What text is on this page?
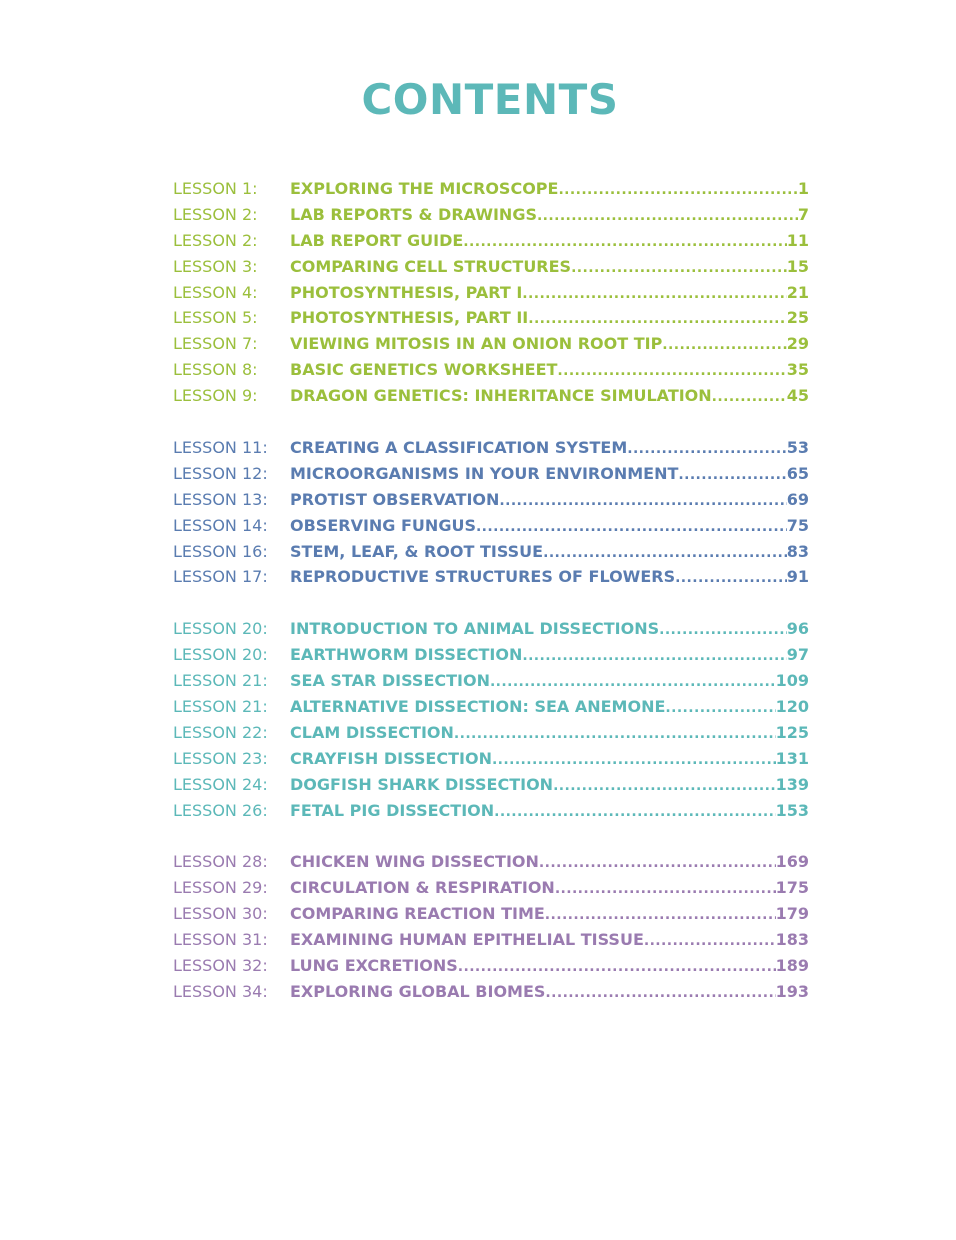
CONTENTS
LESSON 1:	EXPLORING THE MICROSCOPE .....	1
LESSON 2:	LAB REPORTS & DRAWINGS .....	7
LESSON 2:	LAB REPORT GUIDE .....	11
LESSON 3:	COMPARING CELL STRUCTURES .....	15
LESSON 4:	PHOTOSYNTHESIS, PART I .....	21
LESSON 5:	PHOTOSYNTHESIS, PART II .....	25
LESSON 7:	VIEWING MITOSIS IN AN ONION ROOT TIP .....	29
LESSON 8:	BASIC GENETICS WORKSHEET .....	35
LESSON 9:	DRAGON GENETICS: INHERITANCE SIMULATION .....	45
LESSON 11:	CREATING A CLASSIFICATION SYSTEM .....	53
LESSON 12:	MICROORGANISMS IN YOUR ENVIRONMENT .....	65
LESSON 13:	PROTIST OBSERVATION .....	69
LESSON 14:	OBSERVING FUNGUS .....	75
LESSON 16:	STEM, LEAF, & ROOT TISSUE .....	83
LESSON 17:	REPRODUCTIVE STRUCTURES OF FLOWERS .....	91
LESSON 20:	INTRODUCTION TO ANIMAL DISSECTIONS .....	96
LESSON 20:	EARTHWORM DISSECTION .....	97
LESSON 21:	SEA STAR DISSECTION .....	109
LESSON 21:	ALTERNATIVE DISSECTION: SEA ANEMONE .....	120
LESSON 22:	CLAM DISSECTION .....	125
LESSON 23:	CRAYFISH DISSECTION .....	131
LESSON 24:	DOGFISH SHARK DISSECTION .....	139
LESSON 26:	FETAL PIG DISSECTION .....	153
LESSON 28:	CHICKEN WING DISSECTION .....	169
LESSON 29:	CIRCULATION & RESPIRATION .....	175
LESSON 30:	COMPARING REACTION TIME .....	179
LESSON 31:	EXAMINING HUMAN EPITHELIAL TISSUE .....	183
LESSON 32:	LUNG EXCRETIONS .....	189
LESSON 34:	EXPLORING GLOBAL BIOMES .....	193
